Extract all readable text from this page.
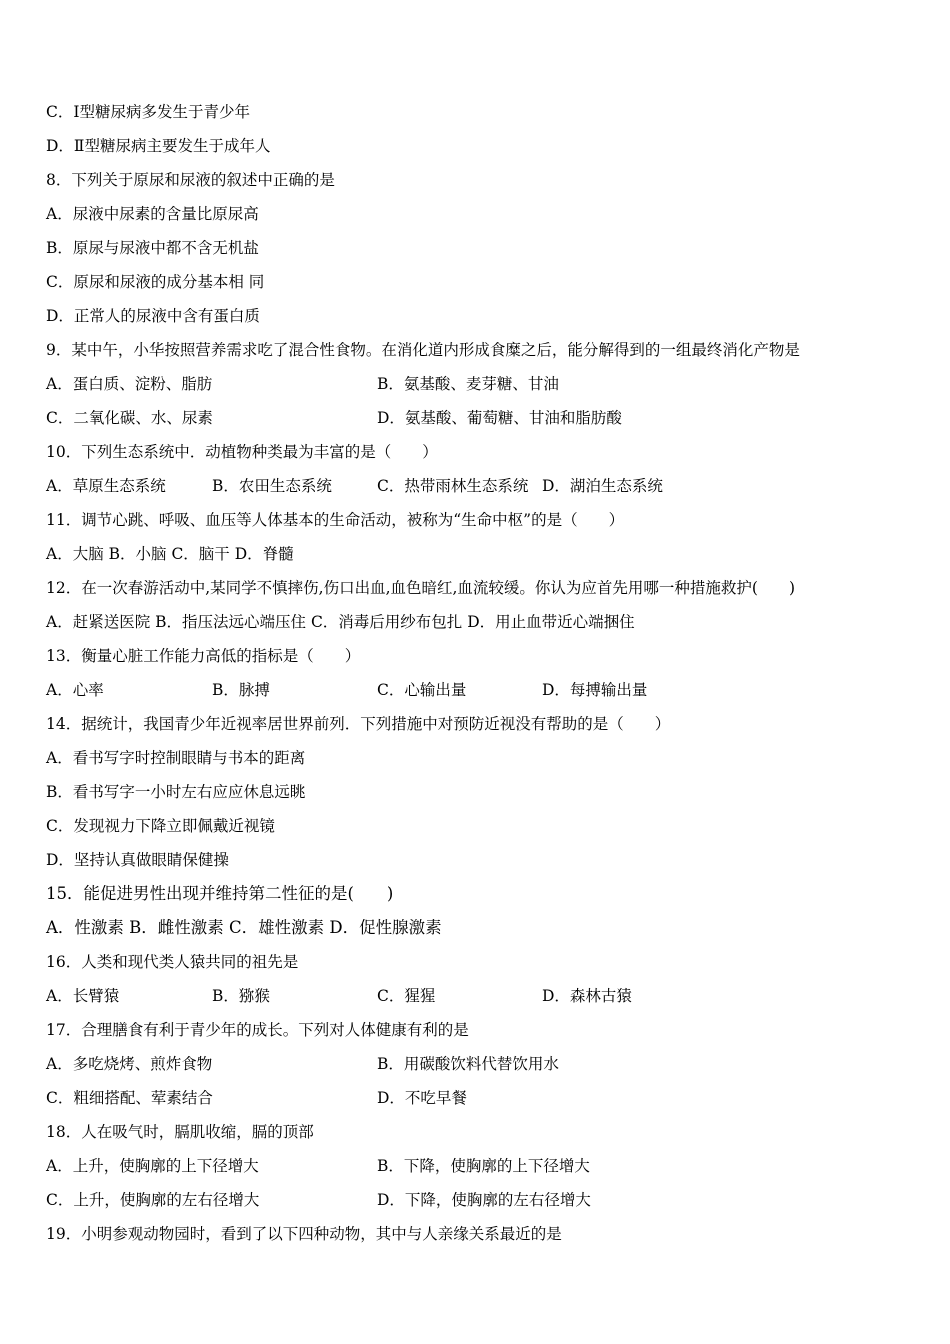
C．Ⅰ型糖尿病多发生于青少年
D．Ⅱ型糖尿病主要发生于成年人
8．下列关于原尿和尿液的叙述中正确的是
A．尿液中尿素的含量比原尿高
B．原尿与尿液中都不含无机盐
C．原尿和尿液的成分基本相 同
D．正常人的尿液中含有蛋白质
9．某中午，小华按照营养需求吃了混合性食物。在消化道内形成食糜之后，能分解得到的一组最终消化产物是
A．蛋白质、淀粉、脂肪	B．氨基酸、麦芽糖、甘油
C．二氧化碳、水、尿素	D．氨基酸、葡萄糖、甘油和脂肪酸
10．下列生态系统中．动植物种类最为丰富的是（　　）
A．草原生态系统	B．农田生态系统	C．热带雨林生态系统 D．湖泊生态系统
11．调节心跳、呼吸、血压等人体基本的生命活动，被称为“生命中枢”的是（　　）
A．大脑 B．小脑 C．脑干 D．脊髓
12．在一次春游活动中,某同学不慎摔伤,伤口出血,血色暗红,血流较缓。你认为应首先用哪一种措施救护(　　)
A．赶紧送医院 B．指压法远心端压住 C．消毒后用纱布包扎 D．用止血带近心端捆住
13．衡量心脏工作能力高低的指标是（　　）
A．心率	B．脉搏	C．心输出量	D．每搏输出量
14．据统计，我国青少年近视率居世界前列．下列措施中对预防近视没有帮助的是（　　）
A．看书写字时控制眼睛与书本的距离
B．看书写字一小时左右应应休息远眺
C．发现视力下降立即佩戴近视镜
D．坚持认真做眼睛保健操
15．能促进男性出现并维持第二性征的是(　　)
A．性激素 B．雌性激素 C．雄性激素 D．促性腺激素
16．人类和现代类人猿共同的祖先是
A．长臂猿	B．猕猴	C．猩猩	D．森林古猿
17．合理膳食有利于青少年的成长。下列对人体健康有利的是
A．多吃烧烤、煎炸食物	B．用碳酸饮料代替饮用水
C．粗细搭配、荤素结合	D．不吃早餐
18．人在吸气时，膈肌收缩，膈的顶部
A．上升，使胸廓的上下径增大	B．下降，使胸廓的上下径增大
C．上升，使胸廓的左右径增大	D．下降，使胸廓的左右径增大
19．小明参观动物园时，看到了以下四种动物，其中与人亲缘关系最近的是
